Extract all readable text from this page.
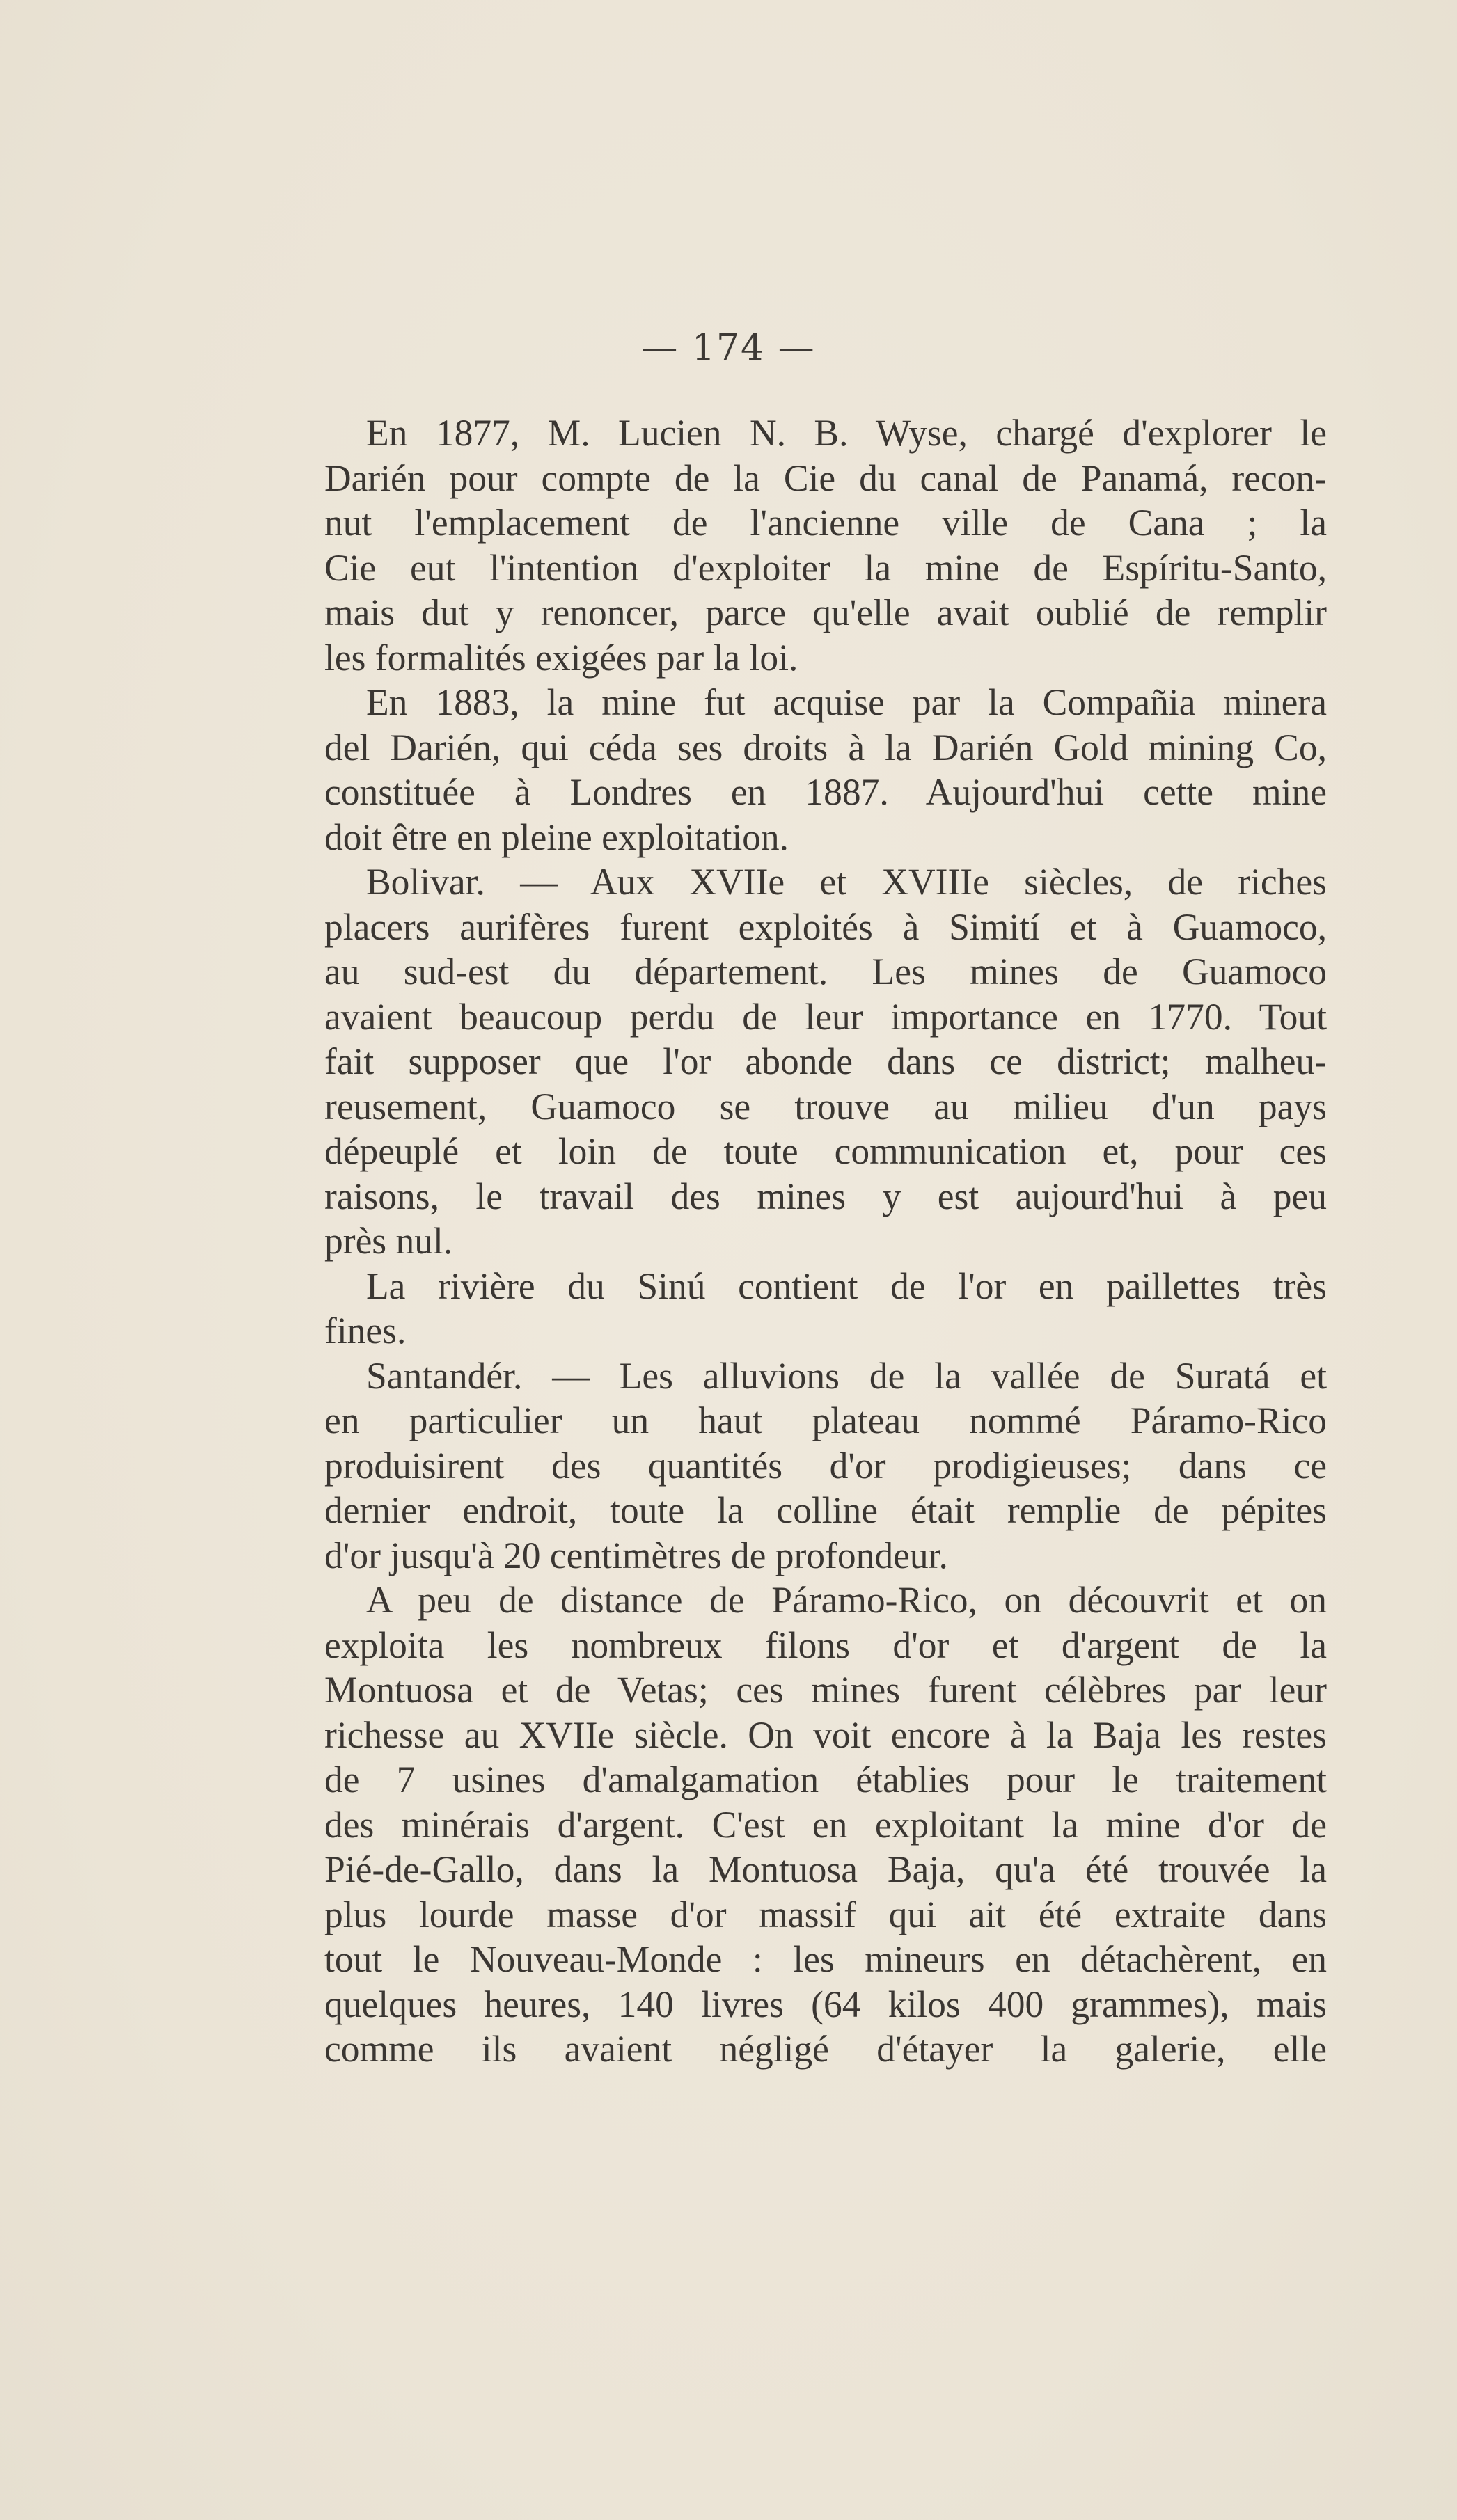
— 174 —
En 1877, M. Lucien N. B. Wyse, chargé d'explorer le
Darién pour compte de la Cie du canal de Panamá, recon-
nut l'emplacement de l'ancienne ville de Cana ; la
Cie eut l'intention d'exploiter la mine de Espíritu-Santo,
mais dut y renoncer, parce qu'elle avait oublié de remplir
les formalités exigées par la loi.
En 1883, la mine fut acquise par la Compañia minera
del Darién, qui céda ses droits à la Darién Gold mining Co,
constituée à Londres en 1887. Aujourd'hui cette mine
doit être en pleine exploitation.
Bolivar. — Aux XVIIe et XVIIIe siècles, de riches
placers aurifères furent exploités à Simití et à Guamoco,
au sud-est du département. Les mines de Guamoco
avaient beaucoup perdu de leur importance en 1770. Tout
fait supposer que l'or abonde dans ce district; malheu-
reusement, Guamoco se trouve au milieu d'un pays
dépeuplé et loin de toute communication et, pour ces
raisons, le travail des mines y est aujourd'hui à peu
près nul.
La rivière du Sinú contient de l'or en paillettes très
fines.
Santandér. — Les alluvions de la vallée de Suratá et
en particulier un haut plateau nommé Páramo-Rico
produisirent des quantités d'or prodigieuses; dans ce
dernier endroit, toute la colline était remplie de pépites
d'or jusqu'à 20 centimètres de profondeur.
A peu de distance de Páramo-Rico, on découvrit et on
exploita les nombreux filons d'or et d'argent de la
Montuosa et de Vetas; ces mines furent célèbres par leur
richesse au XVIIe siècle. On voit encore à la Baja les restes
de 7 usines d'amalgamation établies pour le traitement
des minérais d'argent. C'est en exploitant la mine d'or de
Pié-de-Gallo, dans la Montuosa Baja, qu'a été trouvée la
plus lourde masse d'or massif qui ait été extraite dans
tout le Nouveau-Monde : les mineurs en détachèrent, en
quelques heures, 140 livres (64 kilos 400 grammes), mais
comme ils avaient négligé d'étayer la galerie, elle
